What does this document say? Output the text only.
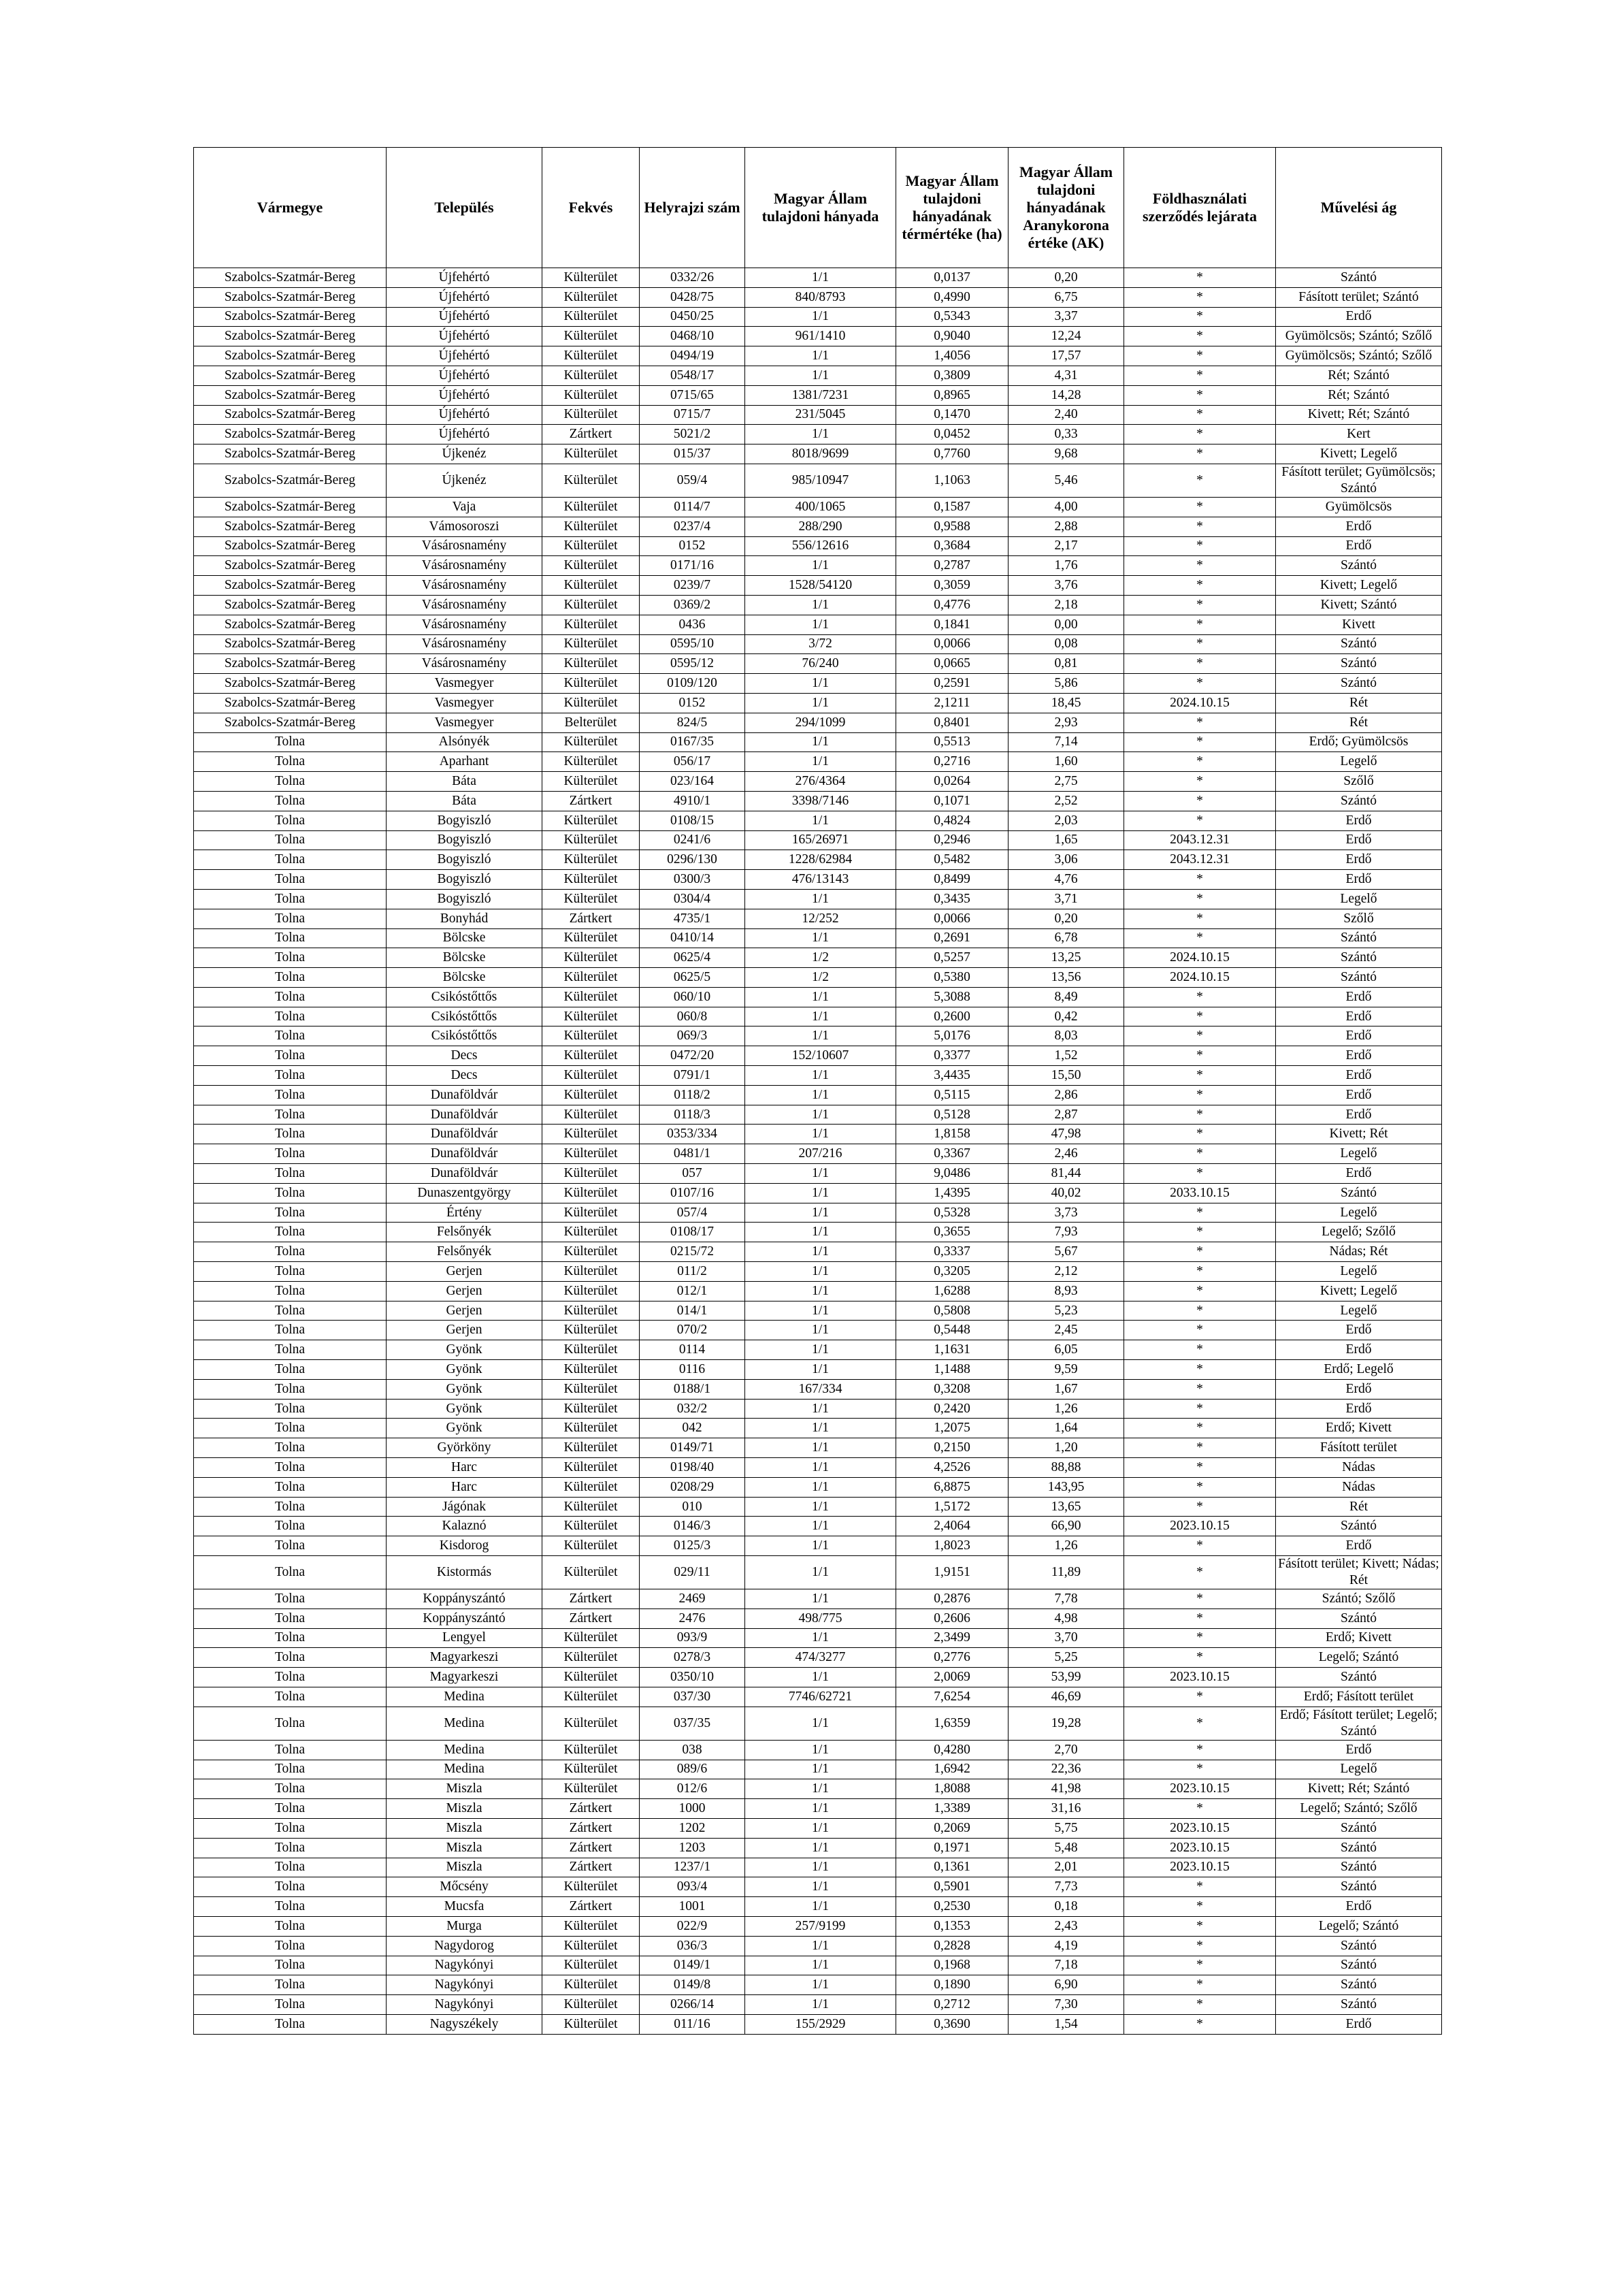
Vármegye	Település	Fekvés	Helyrajzi szám	Magyar Állam tulajdoni hányada	Magyar Állam tulajdoni hányadának térmértéke (ha)	Magyar Állam tulajdoni hányadának Aranykorona értéke (AK)	Földhasználati szerződés lejárata	Művelési ág
Szabolcs-Szatmár-Bereg	Újfehértó	Külterület	0332/26	1/1	0,0137	0,20	*	Szántó
Szabolcs-Szatmár-Bereg	Újfehértó	Külterület	0428/75	840/8793	0,4990	6,75	*	Fásított terület; Szántó
Szabolcs-Szatmár-Bereg	Újfehértó	Külterület	0450/25	1/1	0,5343	3,37	*	Erdő
Szabolcs-Szatmár-Bereg	Újfehértó	Külterület	0468/10	961/1410	0,9040	12,24	*	Gyümölcsös; Szántó; Szőlő
Szabolcs-Szatmár-Bereg	Újfehértó	Külterület	0494/19	1/1	1,4056	17,57	*	Gyümölcsös; Szántó; Szőlő
Szabolcs-Szatmár-Bereg	Újfehértó	Külterület	0548/17	1/1	0,3809	4,31	*	Rét; Szántó
Szabolcs-Szatmár-Bereg	Újfehértó	Külterület	0715/65	1381/7231	0,8965	14,28	*	Rét; Szántó
Szabolcs-Szatmár-Bereg	Újfehértó	Külterület	0715/7	231/5045	0,1470	2,40	*	Kivett; Rét; Szántó
Szabolcs-Szatmár-Bereg	Újfehértó	Zártkert	5021/2	1/1	0,0452	0,33	*	Kert
Szabolcs-Szatmár-Bereg	Újkenéz	Külterület	015/37	8018/9699	0,7760	9,68	*	Kivett; Legelő
Szabolcs-Szatmár-Bereg	Újkenéz	Külterület	059/4	985/10947	1,1063	5,46	*	Fásított terület; Gyümölcsös; Szántó
Szabolcs-Szatmár-Bereg	Vaja	Külterület	0114/7	400/1065	0,1587	4,00	*	Gyümölcsös
Szabolcs-Szatmár-Bereg	Vámosoroszi	Külterület	0237/4	288/290	0,9588	2,88	*	Erdő
Szabolcs-Szatmár-Bereg	Vásárosnamény	Külterület	0152	556/12616	0,3684	2,17	*	Erdő
Szabolcs-Szatmár-Bereg	Vásárosnamény	Külterület	0171/16	1/1	0,2787	1,76	*	Szántó
Szabolcs-Szatmár-Bereg	Vásárosnamény	Külterület	0239/7	1528/54120	0,3059	3,76	*	Kivett; Legelő
Szabolcs-Szatmár-Bereg	Vásárosnamény	Külterület	0369/2	1/1	0,4776	2,18	*	Kivett; Szántó
Szabolcs-Szatmár-Bereg	Vásárosnamény	Külterület	0436	1/1	0,1841	0,00	*	Kivett
Szabolcs-Szatmár-Bereg	Vásárosnamény	Külterület	0595/10	3/72	0,0066	0,08	*	Szántó
Szabolcs-Szatmár-Bereg	Vásárosnamény	Külterület	0595/12	76/240	0,0665	0,81	*	Szántó
Szabolcs-Szatmár-Bereg	Vasmegyer	Külterület	0109/120	1/1	0,2591	5,86	*	Szántó
Szabolcs-Szatmár-Bereg	Vasmegyer	Külterület	0152	1/1	2,1211	18,45	2024.10.15	Rét
Szabolcs-Szatmár-Bereg	Vasmegyer	Belterület	824/5	294/1099	0,8401	2,93	*	Rét
Tolna	Alsónyék	Külterület	0167/35	1/1	0,5513	7,14	*	Erdő; Gyümölcsös
Tolna	Aparhant	Külterület	056/17	1/1	0,2716	1,60	*	Legelő
Tolna	Báta	Külterület	023/164	276/4364	0,0264	2,75	*	Szőlő
Tolna	Báta	Zártkert	4910/1	3398/7146	0,1071	2,52	*	Szántó
Tolna	Bogyiszló	Külterület	0108/15	1/1	0,4824	2,03	*	Erdő
Tolna	Bogyiszló	Külterület	0241/6	165/26971	0,2946	1,65	2043.12.31	Erdő
Tolna	Bogyiszló	Külterület	0296/130	1228/62984	0,5482	3,06	2043.12.31	Erdő
Tolna	Bogyiszló	Külterület	0300/3	476/13143	0,8499	4,76	*	Erdő
Tolna	Bogyiszló	Külterület	0304/4	1/1	0,3435	3,71	*	Legelő
Tolna	Bonyhád	Zártkert	4735/1	12/252	0,0066	0,20	*	Szőlő
Tolna	Bölcske	Külterület	0410/14	1/1	0,2691	6,78	*	Szántó
Tolna	Bölcske	Külterület	0625/4	1/2	0,5257	13,25	2024.10.15	Szántó
Tolna	Bölcske	Külterület	0625/5	1/2	0,5380	13,56	2024.10.15	Szántó
Tolna	Csikóstőttős	Külterület	060/10	1/1	5,3088	8,49	*	Erdő
Tolna	Csikóstőttős	Külterület	060/8	1/1	0,2600	0,42	*	Erdő
Tolna	Csikóstőttős	Külterület	069/3	1/1	5,0176	8,03	*	Erdő
Tolna	Decs	Külterület	0472/20	152/10607	0,3377	1,52	*	Erdő
Tolna	Decs	Külterület	0791/1	1/1	3,4435	15,50	*	Erdő
Tolna	Dunaföldvár	Külterület	0118/2	1/1	0,5115	2,86	*	Erdő
Tolna	Dunaföldvár	Külterület	0118/3	1/1	0,5128	2,87	*	Erdő
Tolna	Dunaföldvár	Külterület	0353/334	1/1	1,8158	47,98	*	Kivett; Rét
Tolna	Dunaföldvár	Külterület	0481/1	207/216	0,3367	2,46	*	Legelő
Tolna	Dunaföldvár	Külterület	057	1/1	9,0486	81,44	*	Erdő
Tolna	Dunaszentgyörgy	Külterület	0107/16	1/1	1,4395	40,02	2033.10.15	Szántó
Tolna	Értény	Külterület	057/4	1/1	0,5328	3,73	*	Legelő
Tolna	Felsőnyék	Külterület	0108/17	1/1	0,3655	7,93	*	Legelő; Szőlő
Tolna	Felsőnyék	Külterület	0215/72	1/1	0,3337	5,67	*	Nádas; Rét
Tolna	Gerjen	Külterület	011/2	1/1	0,3205	2,12	*	Legelő
Tolna	Gerjen	Külterület	012/1	1/1	1,6288	8,93	*	Kivett; Legelő
Tolna	Gerjen	Külterület	014/1	1/1	0,5808	5,23	*	Legelő
Tolna	Gerjen	Külterület	070/2	1/1	0,5448	2,45	*	Erdő
Tolna	Gyönk	Külterület	0114	1/1	1,1631	6,05	*	Erdő
Tolna	Gyönk	Külterület	0116	1/1	1,1488	9,59	*	Erdő; Legelő
Tolna	Gyönk	Külterület	0188/1	167/334	0,3208	1,67	*	Erdő
Tolna	Gyönk	Külterület	032/2	1/1	0,2420	1,26	*	Erdő
Tolna	Gyönk	Külterület	042	1/1	1,2075	1,64	*	Erdő; Kivett
Tolna	Györköny	Külterület	0149/71	1/1	0,2150	1,20	*	Fásított terület
Tolna	Harc	Külterület	0198/40	1/1	4,2526	88,88	*	Nádas
Tolna	Harc	Külterület	0208/29	1/1	6,8875	143,95	*	Nádas
Tolna	Jágónak	Külterület	010	1/1	1,5172	13,65	*	Rét
Tolna	Kalaznó	Külterület	0146/3	1/1	2,4064	66,90	2023.10.15	Szántó
Tolna	Kisdorog	Külterület	0125/3	1/1	1,8023	1,26	*	Erdő
Tolna	Kistormás	Külterület	029/11	1/1	1,9151	11,89	*	Fásított terület; Kivett; Nádas; Rét
Tolna	Koppányszántó	Zártkert	2469	1/1	0,2876	7,78	*	Szántó; Szőlő
Tolna	Koppányszántó	Zártkert	2476	498/775	0,2606	4,98	*	Szántó
Tolna	Lengyel	Külterület	093/9	1/1	2,3499	3,70	*	Erdő; Kivett
Tolna	Magyarkeszi	Külterület	0278/3	474/3277	0,2776	5,25	*	Legelő; Szántó
Tolna	Magyarkeszi	Külterület	0350/10	1/1	2,0069	53,99	2023.10.15	Szántó
Tolna	Medina	Külterület	037/30	7746/62721	7,6254	46,69	*	Erdő; Fásított terület
Tolna	Medina	Külterület	037/35	1/1	1,6359	19,28	*	Erdő; Fásított terület; Legelő; Szántó
Tolna	Medina	Külterület	038	1/1	0,4280	2,70	*	Erdő
Tolna	Medina	Külterület	089/6	1/1	1,6942	22,36	*	Legelő
Tolna	Miszla	Külterület	012/6	1/1	1,8088	41,98	2023.10.15	Kivett; Rét; Szántó
Tolna	Miszla	Zártkert	1000	1/1	1,3389	31,16	*	Legelő; Szántó; Szőlő
Tolna	Miszla	Zártkert	1202	1/1	0,2069	5,75	2023.10.15	Szántó
Tolna	Miszla	Zártkert	1203	1/1	0,1971	5,48	2023.10.15	Szántó
Tolna	Miszla	Zártkert	1237/1	1/1	0,1361	2,01	2023.10.15	Szántó
Tolna	Mőcsény	Külterület	093/4	1/1	0,5901	7,73	*	Szántó
Tolna	Mucsfa	Zártkert	1001	1/1	0,2530	0,18	*	Erdő
Tolna	Murga	Külterület	022/9	257/9199	0,1353	2,43	*	Legelő; Szántó
Tolna	Nagydorog	Külterület	036/3	1/1	0,2828	4,19	*	Szántó
Tolna	Nagykónyi	Külterület	0149/1	1/1	0,1968	7,18	*	Szántó
Tolna	Nagykónyi	Külterület	0149/8	1/1	0,1890	6,90	*	Szántó
Tolna	Nagykónyi	Külterület	0266/14	1/1	0,2712	7,30	*	Szántó
Tolna	Nagyszékely	Külterület	011/16	155/2929	0,3690	1,54	*	Erdő
